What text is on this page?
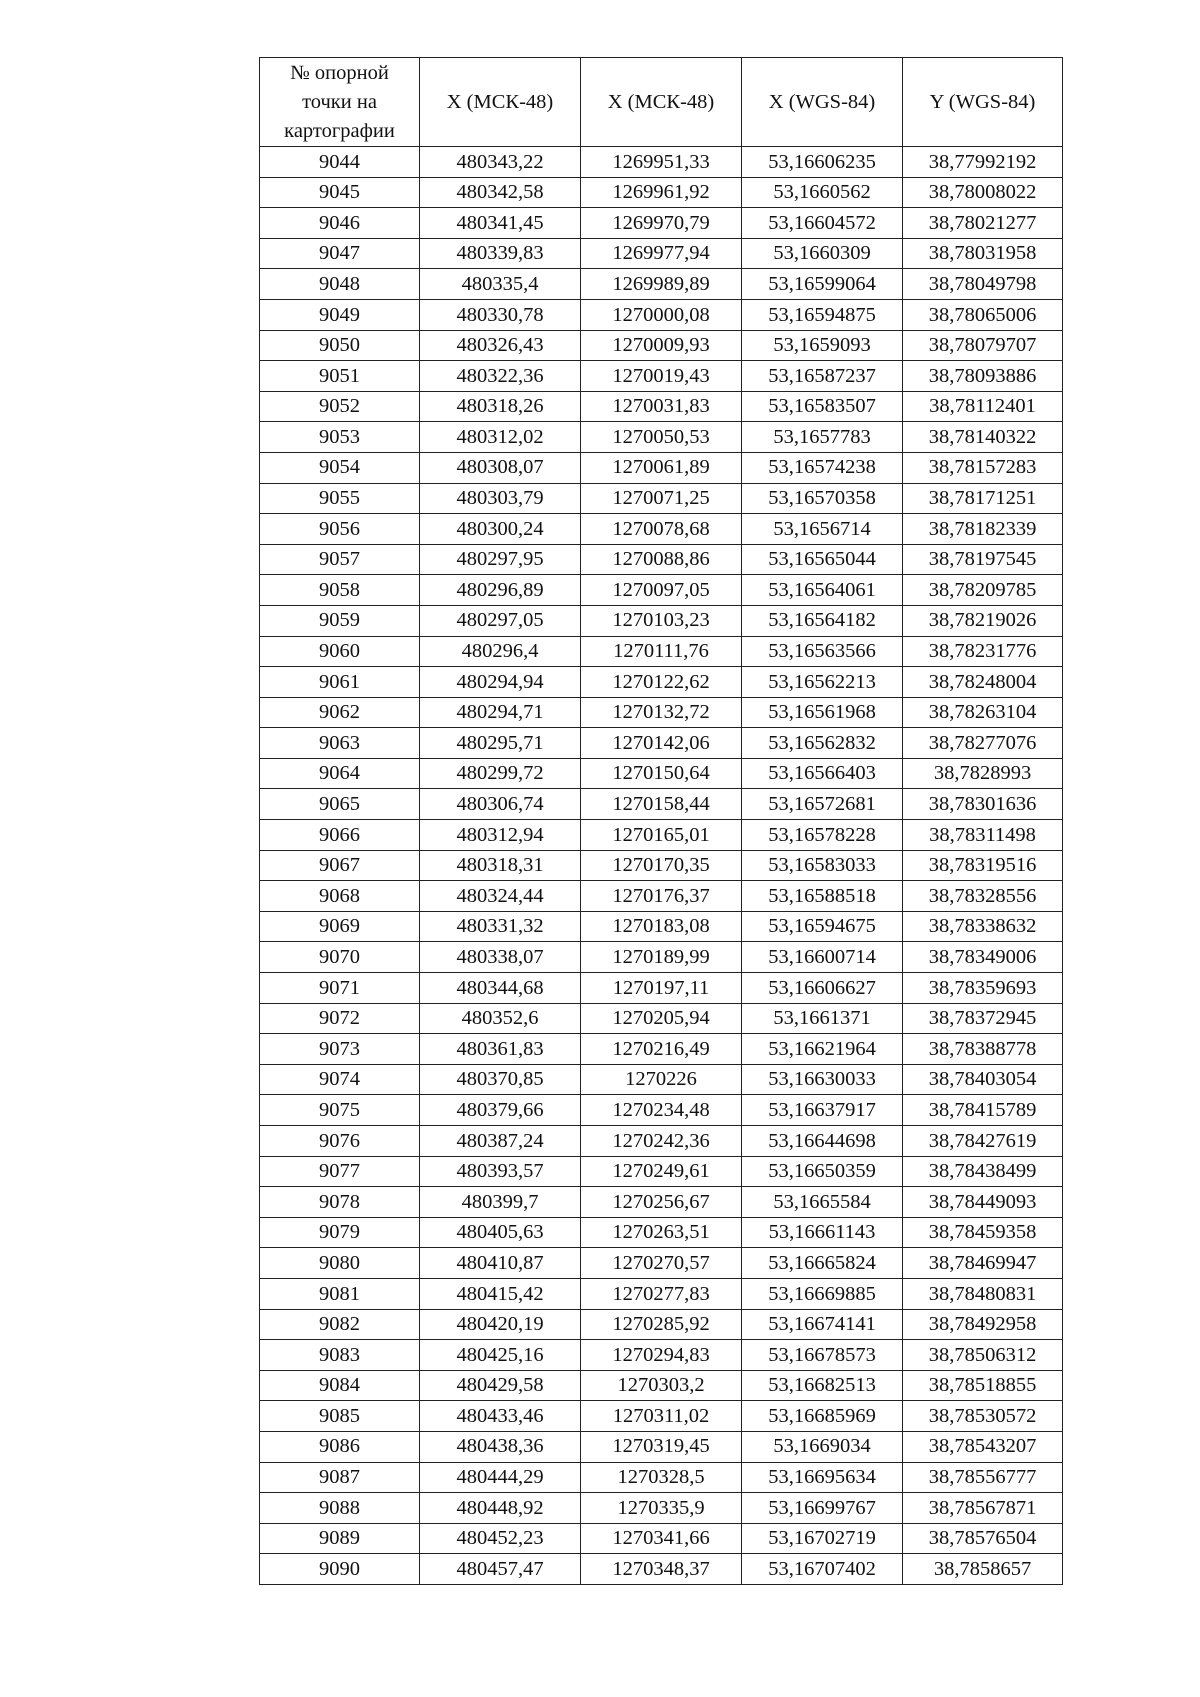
№ опорной
точки на
картографии	X (МСК-48)	X (МСК-48)	X (WGS-84)	Y (WGS-84)
9044	480343,22	1269951,33	53,16606235	38,77992192
9045	480342,58	1269961,92	53,1660562	38,78008022
9046	480341,45	1269970,79	53,16604572	38,78021277
9047	480339,83	1269977,94	53,1660309	38,78031958
9048	480335,4	1269989,89	53,16599064	38,78049798
9049	480330,78	1270000,08	53,16594875	38,78065006
9050	480326,43	1270009,93	53,1659093	38,78079707
9051	480322,36	1270019,43	53,16587237	38,78093886
9052	480318,26	1270031,83	53,16583507	38,78112401
9053	480312,02	1270050,53	53,1657783	38,78140322
9054	480308,07	1270061,89	53,16574238	38,78157283
9055	480303,79	1270071,25	53,16570358	38,78171251
9056	480300,24	1270078,68	53,1656714	38,78182339
9057	480297,95	1270088,86	53,16565044	38,78197545
9058	480296,89	1270097,05	53,16564061	38,78209785
9059	480297,05	1270103,23	53,16564182	38,78219026
9060	480296,4	1270111,76	53,16563566	38,78231776
9061	480294,94	1270122,62	53,16562213	38,78248004
9062	480294,71	1270132,72	53,16561968	38,78263104
9063	480295,71	1270142,06	53,16562832	38,78277076
9064	480299,72	1270150,64	53,16566403	38,7828993
9065	480306,74	1270158,44	53,16572681	38,78301636
9066	480312,94	1270165,01	53,16578228	38,78311498
9067	480318,31	1270170,35	53,16583033	38,78319516
9068	480324,44	1270176,37	53,16588518	38,78328556
9069	480331,32	1270183,08	53,16594675	38,78338632
9070	480338,07	1270189,99	53,16600714	38,78349006
9071	480344,68	1270197,11	53,16606627	38,78359693
9072	480352,6	1270205,94	53,1661371	38,78372945
9073	480361,83	1270216,49	53,16621964	38,78388778
9074	480370,85	1270226	53,16630033	38,78403054
9075	480379,66	1270234,48	53,16637917	38,78415789
9076	480387,24	1270242,36	53,16644698	38,78427619
9077	480393,57	1270249,61	53,16650359	38,78438499
9078	480399,7	1270256,67	53,1665584	38,78449093
9079	480405,63	1270263,51	53,16661143	38,78459358
9080	480410,87	1270270,57	53,16665824	38,78469947
9081	480415,42	1270277,83	53,16669885	38,78480831
9082	480420,19	1270285,92	53,16674141	38,78492958
9083	480425,16	1270294,83	53,16678573	38,78506312
9084	480429,58	1270303,2	53,16682513	38,78518855
9085	480433,46	1270311,02	53,16685969	38,78530572
9086	480438,36	1270319,45	53,1669034	38,78543207
9087	480444,29	1270328,5	53,16695634	38,78556777
9088	480448,92	1270335,9	53,16699767	38,78567871
9089	480452,23	1270341,66	53,16702719	38,78576504
9090	480457,47	1270348,37	53,16707402	38,7858657
